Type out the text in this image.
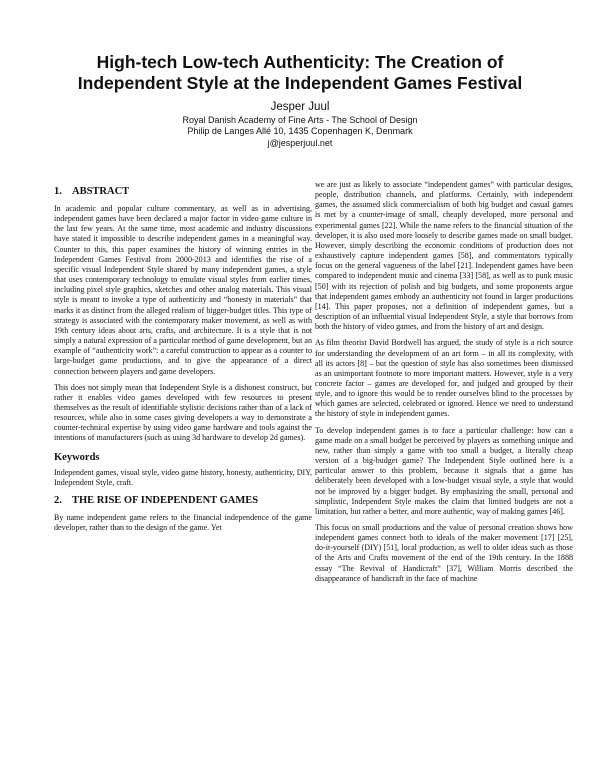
High-tech Low-tech Authenticity: The Creation of
Independent Style at the Independent Games Festival
Jesper Juul
Royal Danish Academy of Fine Arts - The School of Design
Philip de Langes Allé 10, 1435 Copenhagen K, Denmark
j@jesperjuul.net
1. ABSTRACT

In academic and popular culture commentary, as well as in advertising, independent games have been declared a major factor in video game culture in the last few years. At the same time, most academic and industry discussions have stated it impossible to describe independent games in a meaningful way. Counter to this, this paper examines the history of winning entries in the Independent Games Festival from 2000-2013 and identifies the rise of a specific visual Independent Style shared by many independent games, a style that uses contemporary technology to emulate visual styles from earlier times, including pixel style graphics, sketches and other analog materials. This visual style is meant to invoke a type of authenticity and “honesty in materials” that marks it as distinct from the alleged realism of bigger-budget titles. This type of strategy is associated with the contemporary maker movement, as well as with 19th century ideas about arts, crafts, and architecture. It is a style that is not simply a natural expression of a particular method of game development, but an example of “authenticity work”: a careful construction to appear as a counter to large-budget game productions, and to give the appearance of a direct connection between players and game developers.

This does not simply mean that Independent Style is a dishonest construct, but rather it enables video games developed with few resources to present themselves as the result of identifiable stylistic decisions rather than of a lack of resources, while also in some cases giving developers a way to demonstrate a counter-technical expertise by using video game hardware and tools against the intentions of manufacturers (such as using 3d hardware to develop 2d games).

Keywords

Independent games, visual style, video game history, honesty, authenticity, DIY, Independent Style, craft.

2. THE RISE OF INDEPENDENT GAMES

By name independent game refers to the financial independence of the game developer, rather than to the design of the game. Yet

we are just as likely to associate “independent games” with particular designs, people, distribution channels, and platforms. Certainly, with independent games, the assumed slick commercialism of both big budget and casual games is met by a counter-image of small, cheaply developed, more personal and experimental games [22]. While the name refers to the financial situation of the developer, it is also used more loosely to describe games made on small budget. However, simply describing the economic conditions of production does not exhaustively capture independent games [58], and commentators typically focus on the general vagueness of the label [21]. Independent games have been compared to independent music and cinema [33] [58], as well as to punk music [50] with its rejection of polish and big budgets, and some proponents argue that independent games embody an authenticity not found in larger productions [14]. This paper proposes, not a definition of independent games, but a description of an influential visual Independent Style, a style that borrows from both the history of video games, and from the history of art and design.

As film theorist David Bordwell has argued, the study of style is a rich source for understanding the development of an art form – in all its complexity, with all its actors [8] – but the question of style has also sometimes been dismissed as an unimportant footnote to more important matters. However, style is a very concrete factor – games are developed for, and judged and grouped by their style, and to ignore this would be to render ourselves blind to the processes by which games are selected, celebrated or ignored. Hence we need to understand the history of style in independent games.

To develop independent games is to face a particular challenge: how can a game made on a small budget be perceived by players as something unique and new, rather than simply a game with too small a budget, a literally cheap version of a big-budget game? The Independent Style outlined here is a particular answer to this problem, because it signals that a game has deliberately been developed with a low-budget visual style, a style that would not be improved by a bigger budget. By emphasizing the small, personal and simplistic, Independent Style makes the claim that limited budgets are not a limitation, but rather a better, and more authentic, way of making games [46].

This focus on small productions and the value of personal creation shows how independent games connect both to ideals of the maker movement [17] [25], do-it-yourself (DIY) [51], local production, as well to older ideas such as those of the Arts and Crafts movement of the end of the 19th century. In the 1888 essay “The Revival of Handicraft” [37], William Morris described the disappearance of handicraft in the face of machine
